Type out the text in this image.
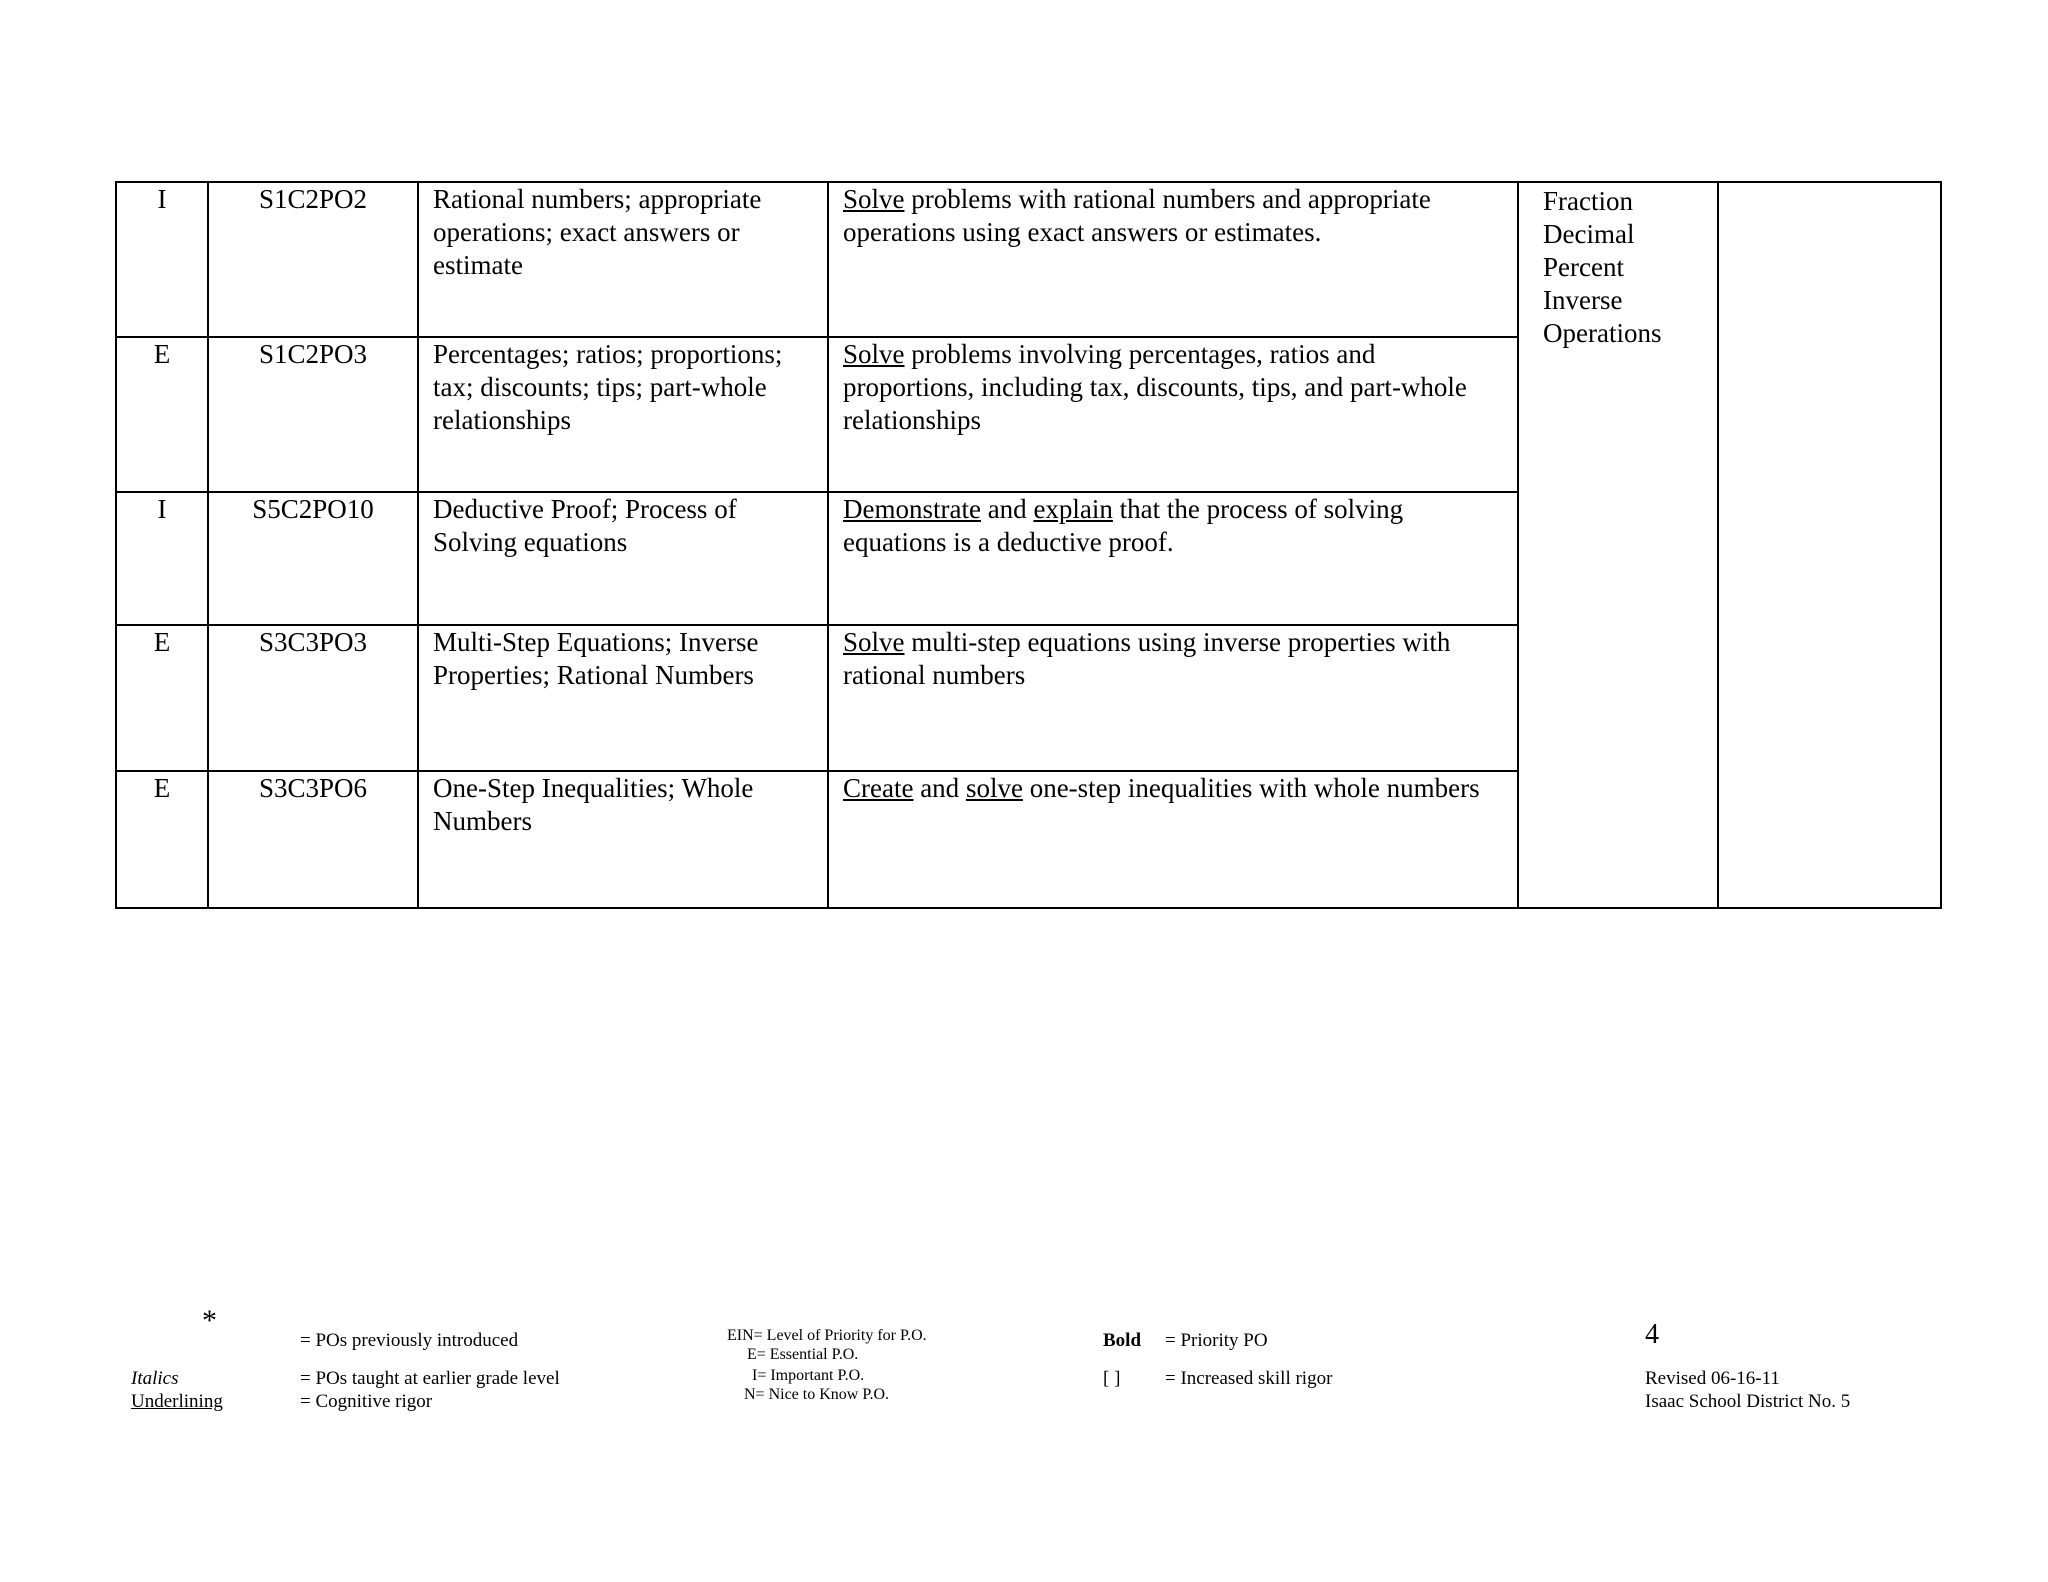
I	S1C2PO2	Rational numbers; appropriate operations; exact answers or estimate	Solve problems with rational numbers and appropriate operations using exact answers or estimates.	Fraction
Decimal
Percent
Inverse
Operations	

E	S1C2PO3	Percentages; ratios; proportions; tax; discounts; tips; part-whole relationships	Solve problems involving percentages, ratios and proportions, including tax, discounts, tips, and part-whole relationships		
I	S5C2PO10	Deductive Proof; Process of Solving equations	Demonstrate and explain that the process of solving equations is a deductive proof.		
E	S3C3PO3	Multi-Step Equations; Inverse Properties; Rational Numbers	Solve multi-step equations using inverse properties with rational numbers		
E	S3C3PO6	One-Step Inequalities; Whole Numbers	Create and solve one-step inequalities with whole numbers		
*
= POs previously introduced
Italics	= POs taught at earlier grade level
Underlining	= Cognitive rigor
EIN= Level of Priority for P.O.
E= Essential P.O.
I= Important P.O.
N= Nice to Know P.O.
Bold = Priority PO
[ ] = Increased skill rigor
4
Revised 06-16-11
Isaac School District No. 5
